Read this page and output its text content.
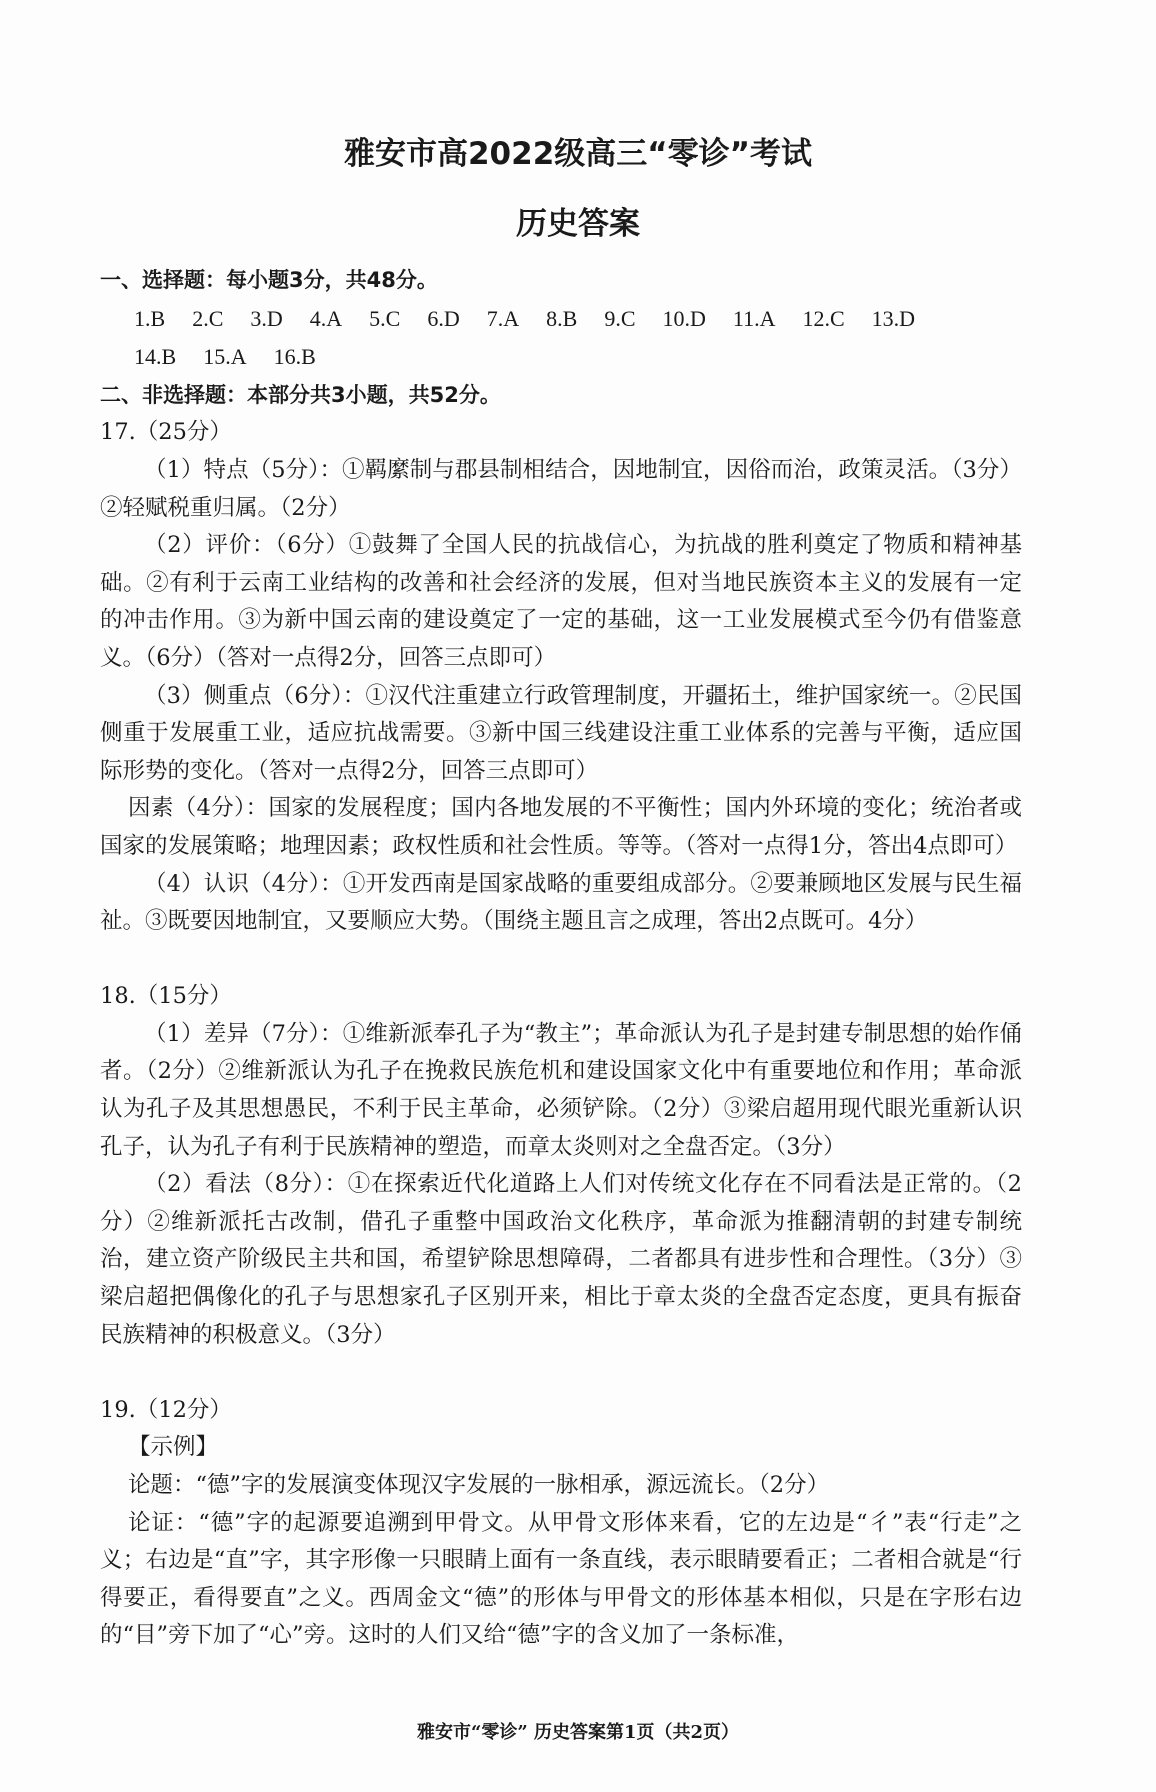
雅安市高2022级高三“零诊”考试
历史答案
一、选择题：每小题3分，共48分。
1.B 2.C 3.D 4.A 5.C 6.D 7.A 8.B 9.C 10.D 11.A 12.C 13.D
14.B 15.A 16.B
二、非选择题：本部分共3小题，共52分。

17.（25分）

（1）特点（5分）：①羁縻制与郡县制相结合，因地制宜，因俗而治，政策灵活。（3分）②轻赋税重归属。（2分）

（2）评价：（6分）①鼓舞了全国人民的抗战信心，为抗战的胜利奠定了物质和精神基础。②有利于云南工业结构的改善和社会经济的发展，但对当地民族资本主义的发展有一定的冲击作用。③为新中国云南的建设奠定了一定的基础，这一工业发展模式至今仍有借鉴意义。（6分）（答对一点得2分，回答三点即可）

（3）侧重点（6分）：①汉代注重建立行政管理制度，开疆拓土，维护国家统一。②民国侧重于发展重工业，适应抗战需要。③新中国三线建设注重工业体系的完善与平衡，适应国际形势的变化。（答对一点得2分，回答三点即可）

因素（4分）：国家的发展程度；国内各地发展的不平衡性；国内外环境的变化；统治者或国家的发展策略；地理因素；政权性质和社会性质。等等。（答对一点得1分，答出4点即可）

（4）认识（4分）：①开发西南是国家战略的重要组成部分。②要兼顾地区发展与民生福祉。③既要因地制宜，又要顺应大势。（围绕主题且言之成理，答出2点既可。4分）

18.（15分）

（1）差异（7分）：①维新派奉孔子为“教主”；革命派认为孔子是封建专制思想的始作俑者。（2分）②维新派认为孔子在挽救民族危机和建设国家文化中有重要地位和作用；革命派认为孔子及其思想愚民，不利于民主革命，必须铲除。（2分）③梁启超用现代眼光重新认识孔子，认为孔子有利于民族精神的塑造，而章太炎则对之全盘否定。（3分）

（2）看法（8分）：①在探索近代化道路上人们对传统文化存在不同看法是正常的。（2分）②维新派托古改制，借孔子重整中国政治文化秩序，革命派为推翻清朝的封建专制统治，建立资产阶级民主共和国，希望铲除思想障碍，二者都具有进步性和合理性。（3分）③梁启超把偶像化的孔子与思想家孔子区别开来，相比于章太炎的全盘否定态度，更具有振奋民族精神的积极意义。（3分）

19.（12分）

【示例】

论题：“德”字的发展演变体现汉字发展的一脉相承，源远流长。（2分）

论证：“德”字的起源要追溯到甲骨文。从甲骨文形体来看，它的左边是“彳”表“行走”之义；右边是“直”字，其字形像一只眼睛上面有一条直线，表示眼睛要看正；二者相合就是“行得要正，看得要直”之义。西周金文“德”的形体与甲骨文的形体基本相似，只是在字形右边的“目”旁下加了“心”旁。这时的人们又给“德”字的含义加了一条标准，

雅安市“零诊” 历史答案第1页（共2页）
